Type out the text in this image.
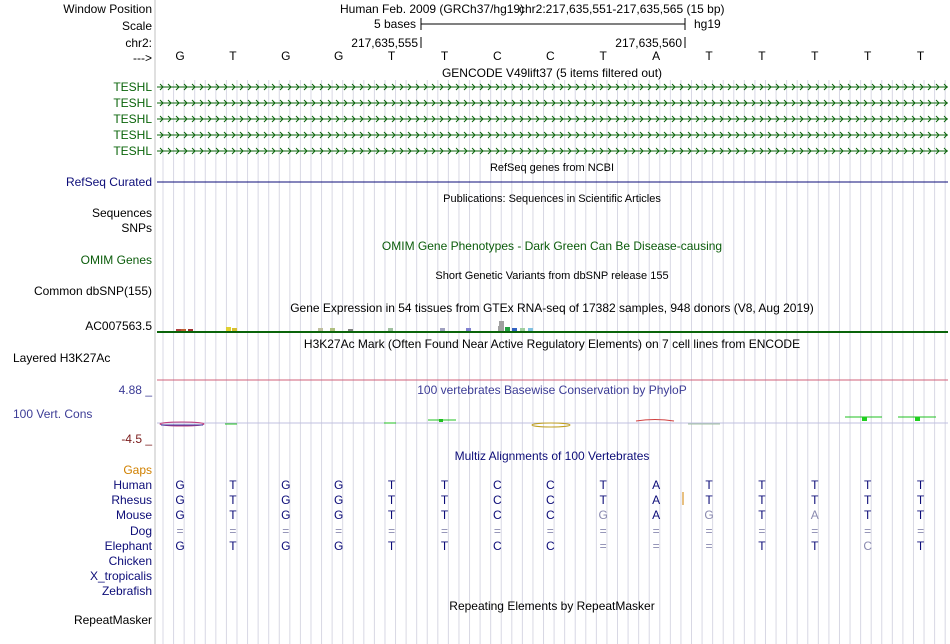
Window Position
Scale
chr2:
--->
Human Feb. 2009 (GRCh37/hg19)
chr2:217,635,551-217,635,565 (15 bp)
5 bases	hg19
217,635,555	217,635,560
G	T	G	G	T	T	C	C	T	A	T	T	T	T	T
GENCODE V49lift37 (5 items filtered out)
TESHL
TESHL
TESHL
TESHL
TESHL
RefSeq genes from NCBI
RefSeq Curated
Publications: Sequences in Scientific Articles
Sequences
SNPs
OMIM Gene Phenotypes - Dark Green Can Be Disease-causing
OMIM Genes
Short Genetic Variants from dbSNP release 155
Common dbSNP(155)
Gene Expression in 54 tissues from GTEx RNA-seq of 17382 samples, 948 donors (V8, Aug 2019)
AC007563.5
H3K27Ac Mark (Often Found Near Active Regulatory Elements) on 7 cell lines from ENCODE
Layered H3K27Ac
100 vertebrates Basewise Conservation by PhyloP
4.88 _
100 Vert. Cons
-4.5 _
Multiz Alignments of 100 Vertebrates
Gaps
Human
Rhesus
Mouse
Dog
Elephant
Chicken
X_tropicalis
Zebrafish
G	T	G	G	T	T	C	C	T	A	T	T	T	T	T
G	T	G	G	T	T	C	C	T	A	T	T	T	T	T
G	T	G	G	T	T	C	C	G	A	G	T	A	T	T
=	=	=	=	=	=	=	=	=	=	=	=	=	=	=
G	T	G	G	T	T	C	C	=	=	=	T	T	C	T
Repeating Elements by RepeatMasker
RepeatMasker
